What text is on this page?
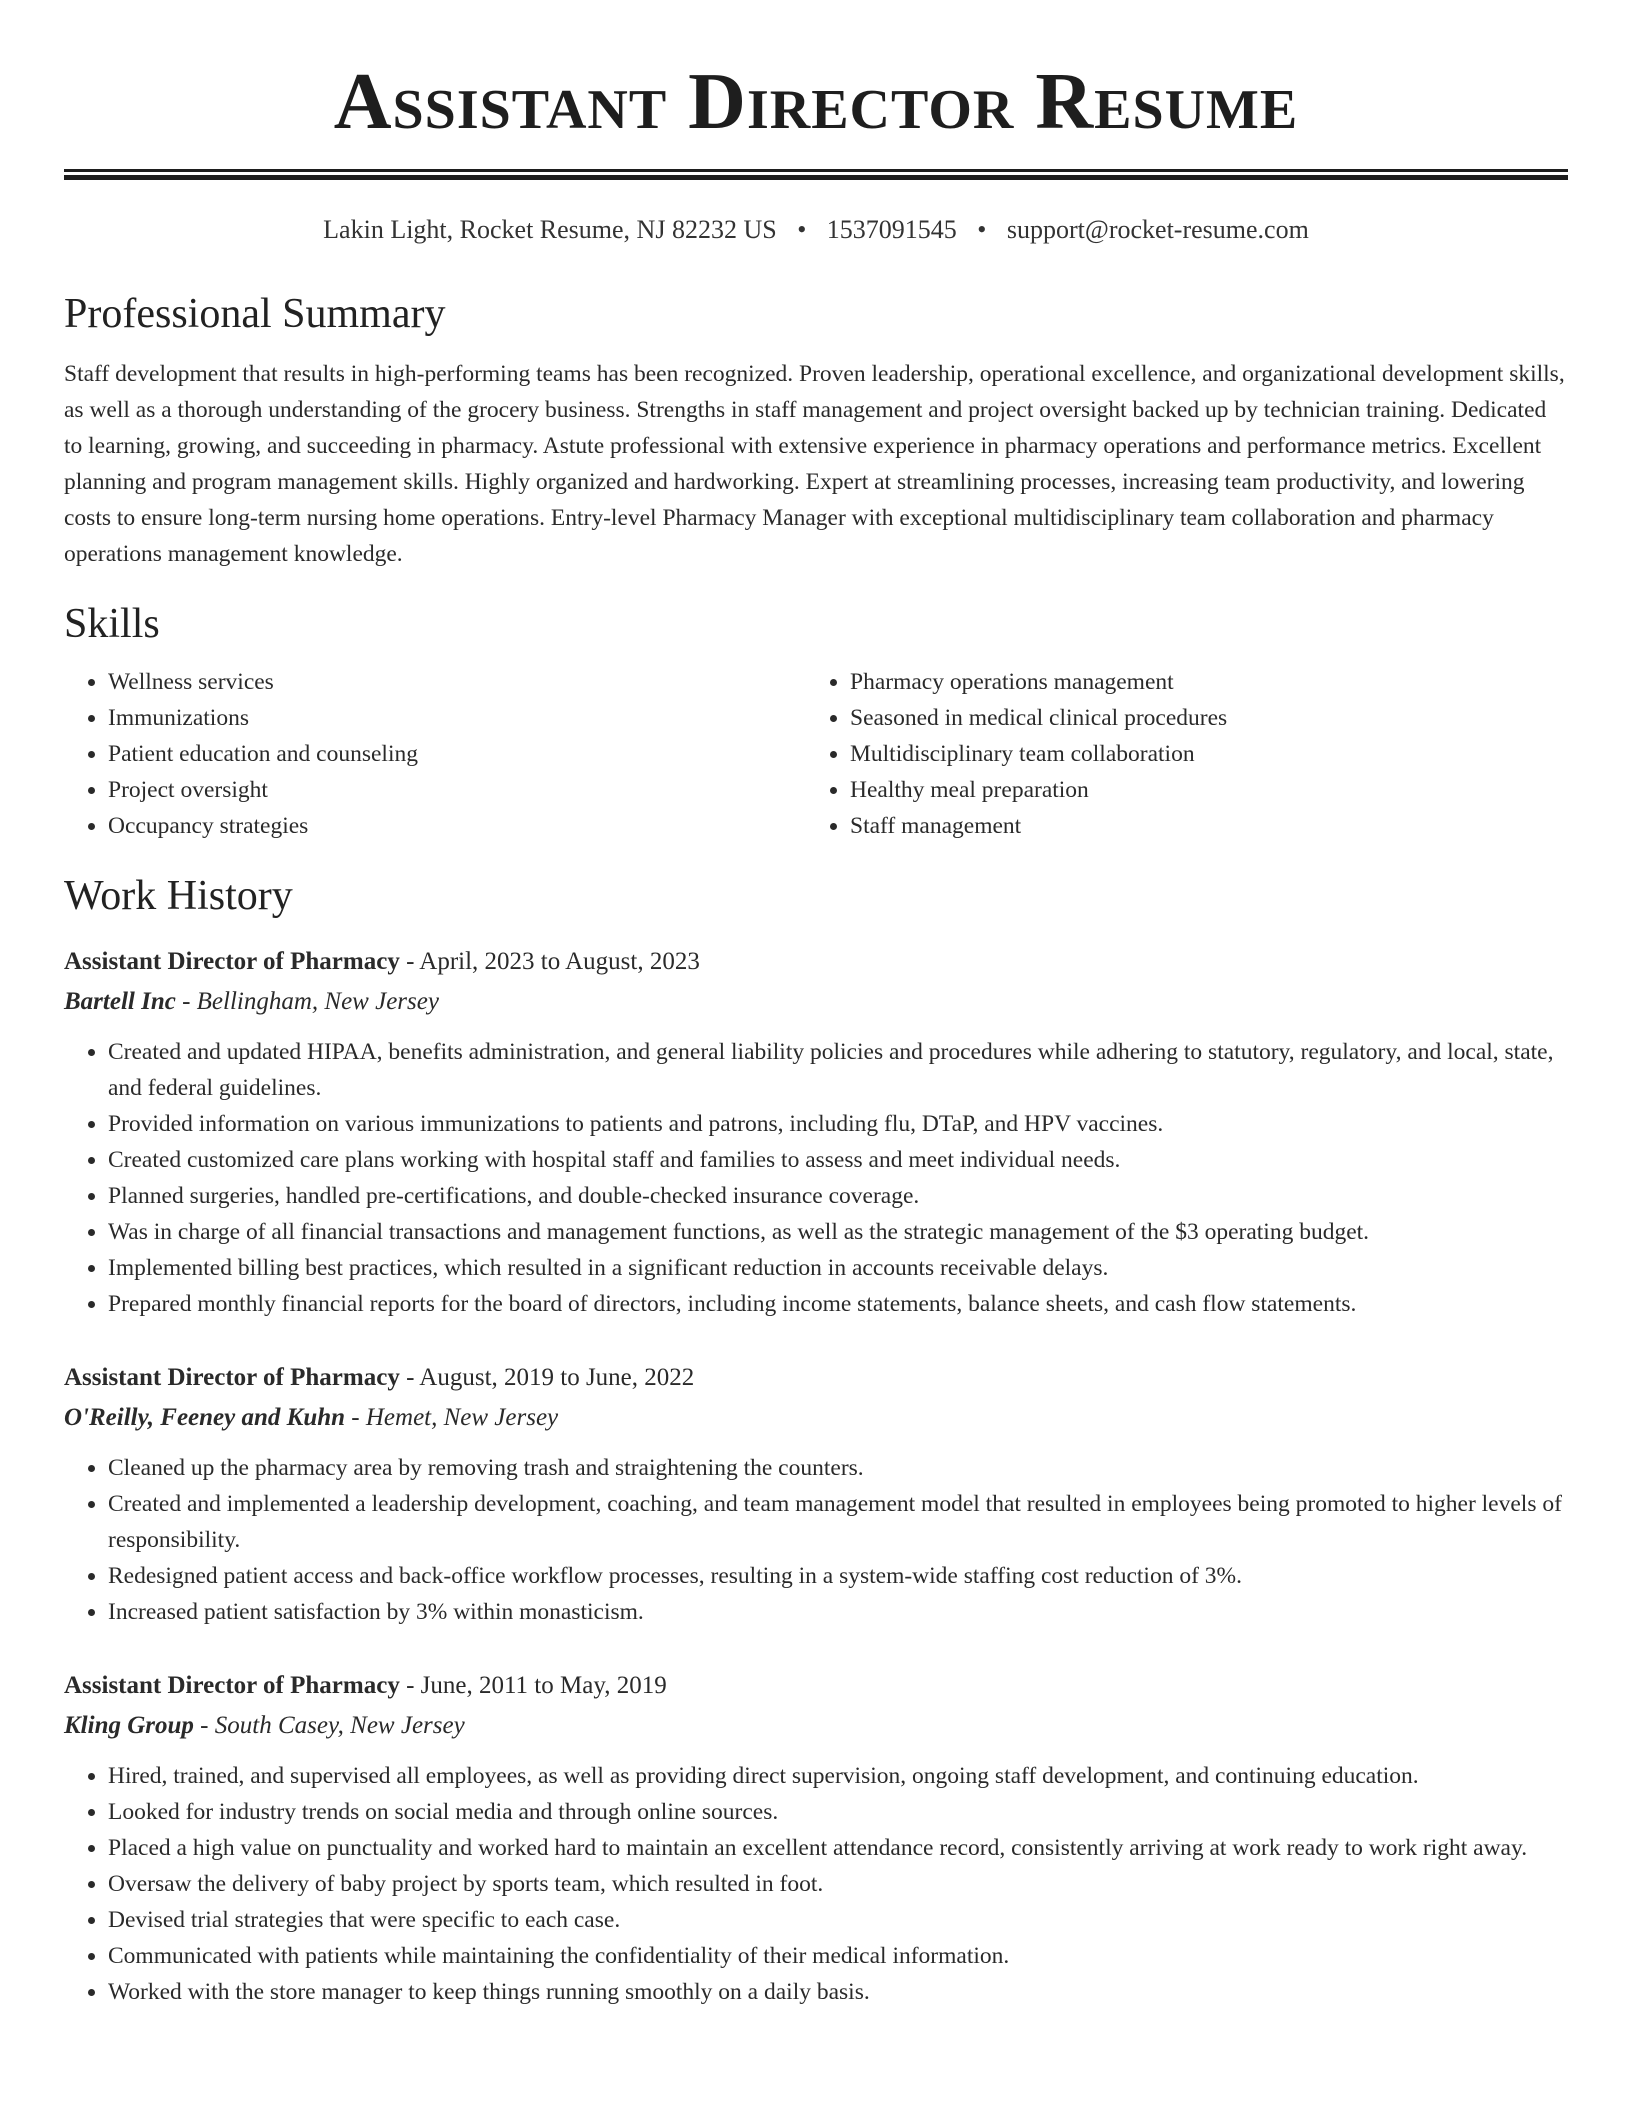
Assistant Director Resume
Lakin Light, Rocket Resume, NJ 82232 US • 1537091545 • support@rocket-resume.com
Professional Summary

Staff development that results in high-performing teams has been recognized. Proven leadership, operational excellence, and organizational development skills, as well as a thorough understanding of the grocery business. Strengths in staff management and project oversight backed up by technician training. Dedicated to learning, growing, and succeeding in pharmacy. Astute professional with extensive experience in pharmacy operations and performance metrics. Excellent planning and program management skills. Highly organized and hardworking. Expert at streamlining processes, increasing team productivity, and lowering costs to ensure long-term nursing home operations. Entry-level Pharmacy Manager with exceptional multidisciplinary team collaboration and pharmacy operations management knowledge.

Skills
• Wellness services
• Immunizations
• Patient education and counseling
• Project oversight
• Occupancy strategies
• Pharmacy operations management
• Seasoned in medical clinical procedures
• Multidisciplinary team collaboration
• Healthy meal preparation
• Staff management
Work History
Assistant Director of Pharmacy - April, 2023 to August, 2023
Bartell Inc - Bellingham, New Jersey
• Created and updated HIPAA, benefits administration, and general liability policies and procedures while adhering to statutory, regulatory, and local, state, and federal guidelines.
• Provided information on various immunizations to patients and patrons, including flu, DTaP, and HPV vaccines.
• Created customized care plans working with hospital staff and families to assess and meet individual needs.
• Planned surgeries, handled pre-certifications, and double-checked insurance coverage.
• Was in charge of all financial transactions and management functions, as well as the strategic management of the $3 operating budget.
• Implemented billing best practices, which resulted in a significant reduction in accounts receivable delays.
• Prepared monthly financial reports for the board of directors, including income statements, balance sheets, and cash flow statements.
Assistant Director of Pharmacy - August, 2019 to June, 2022
O'Reilly, Feeney and Kuhn - Hemet, New Jersey
• Cleaned up the pharmacy area by removing trash and straightening the counters.
• Created and implemented a leadership development, coaching, and team management model that resulted in employees being promoted to higher levels of responsibility.
• Redesigned patient access and back-office workflow processes, resulting in a system-wide staffing cost reduction of 3%.
• Increased patient satisfaction by 3% within monasticism.
Assistant Director of Pharmacy - June, 2011 to May, 2019
Kling Group - South Casey, New Jersey
• Hired, trained, and supervised all employees, as well as providing direct supervision, ongoing staff development, and continuing education.
• Looked for industry trends on social media and through online sources.
• Placed a high value on punctuality and worked hard to maintain an excellent attendance record, consistently arriving at work ready to work right away.
• Oversaw the delivery of baby project by sports team, which resulted in foot.
• Devised trial strategies that were specific to each case.
• Communicated with patients while maintaining the confidentiality of their medical information.
• Worked with the store manager to keep things running smoothly on a daily basis.
